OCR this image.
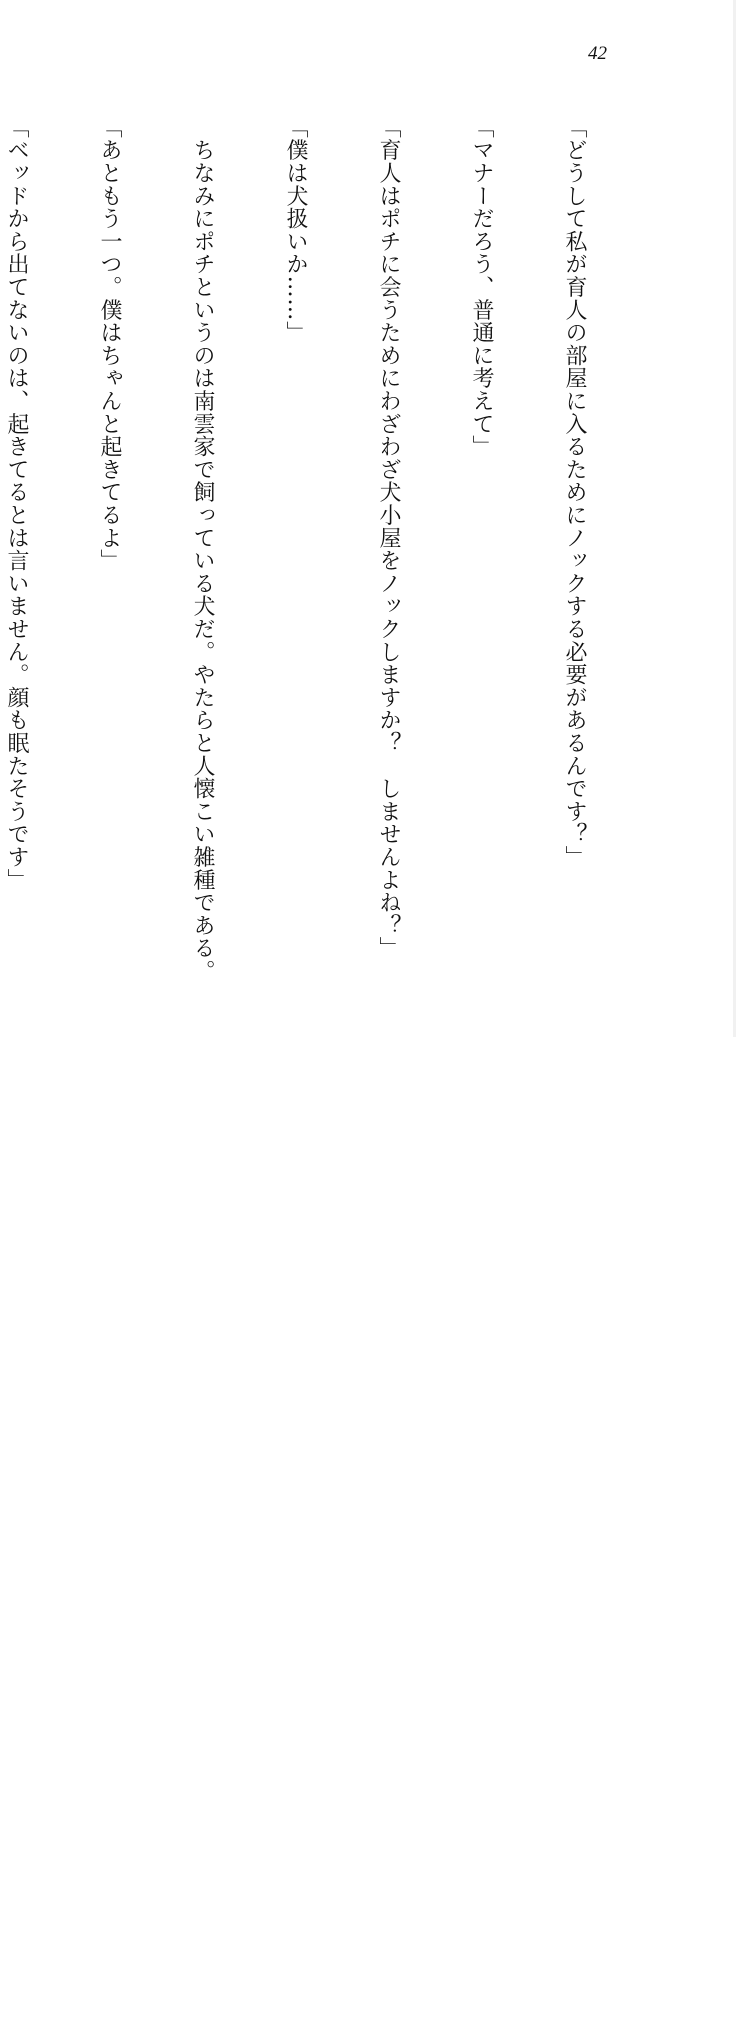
42

「どうして私が育人の部屋に入るためにノックする必要があるんです？」

「マナーだろう、普通に考えて」

「育人はポチに会うためにわざわざ犬小屋をノックしますか？　しませんよね？」

「僕は犬扱いか……」

　ちなみにポチというのは南雲家で飼っている犬だ。やたらと人懐こい雑種である。

「あともう一つ。僕はちゃんと起きてるよ」

「ベッドから出てないのは、起きてるとは言いません。顔も眠たそうです」
